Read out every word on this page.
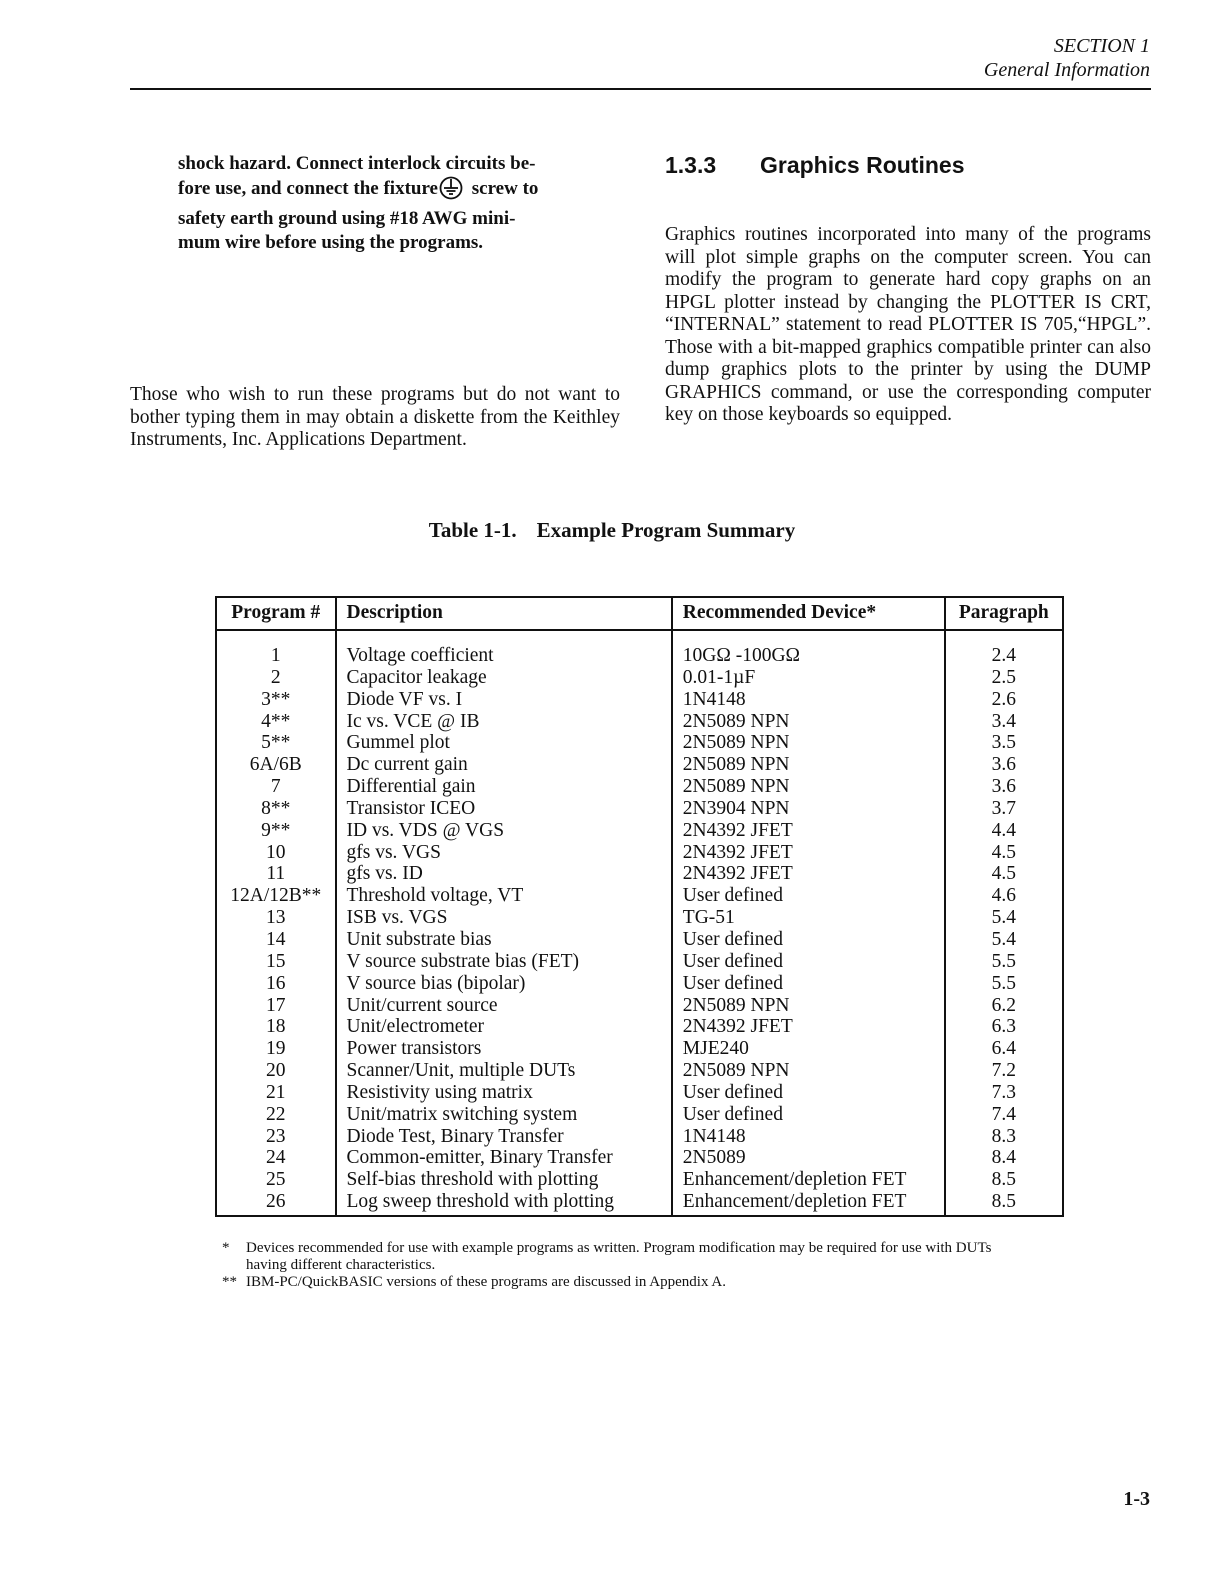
SECTION 1
General Information
shock hazard. Connect interlock circuits be-
fore use, and connect the fixture screw to
safety earth ground using #18 AWG mini-
mum wire before using the programs.
Those who wish to run these programs but do not want to bother typing them in may obtain a diskette from the Keithley Instruments, Inc. Applications Department.
1.3.3 Graphics Routines
Graphics routines incorporated into many of the programs will plot simple graphs on the computer screen. You can modify the program to generate hard copy graphs on an HPGL plotter instead by changing the PLOTTER IS CRT, “INTERNAL” statement to read PLOTTER IS 705,“HPGL”. Those with a bit-mapped graphics compatible printer can also dump graphics plots to the printer by using the DUMP GRAPHICS command, or use the corresponding computer key on those keyboards so equipped.
Table 1-1. Example Program Summary
Program #	Description	Recommended Device*	Paragraph
1	Voltage coefficient	10GΩ -100GΩ	2.4
2	Capacitor leakage	0.01-1µF	2.5
3**	Diode VF vs. I	1N4148	2.6
4**	Ic vs. VCE @ IB	2N5089 NPN	3.4
5**	Gummel plot	2N5089 NPN	3.5
6A/6B	Dc current gain	2N5089 NPN	3.6
7	Differential gain	2N5089 NPN	3.6
8**	Transistor ICEO	2N3904 NPN	3.7
9**	ID vs. VDS @ VGS	2N4392 JFET	4.4
10	gfs vs. VGS	2N4392 JFET	4.5
11	gfs vs. ID	2N4392 JFET	4.5
12A/12B**	Threshold voltage, VT	User defined	4.6
13	ISB vs. VGS	TG-51	5.4
14	Unit substrate bias	User defined	5.4
15	V source substrate bias (FET)	User defined	5.5
16	V source bias (bipolar)	User defined	5.5
17	Unit/current source	2N5089 NPN	6.2
18	Unit/electrometer	2N4392 JFET	6.3
19	Power transistors	MJE240	6.4
20	Scanner/Unit, multiple DUTs	2N5089 NPN	7.2
21	Resistivity using matrix	User defined	7.3
22	Unit/matrix switching system	User defined	7.4
23	Diode Test, Binary Transfer	1N4148	8.3
24	Common-emitter, Binary Transfer	2N5089	8.4
25	Self-bias threshold with plotting	Enhancement/depletion FET	8.5
26	Log sweep threshold with plotting	Enhancement/depletion FET	8.5
* Devices recommended for use with example programs as written. Program modification may be required for use with DUTs having different characteristics.
** IBM-PC/QuickBASIC versions of these programs are discussed in Appendix A.
1-3
